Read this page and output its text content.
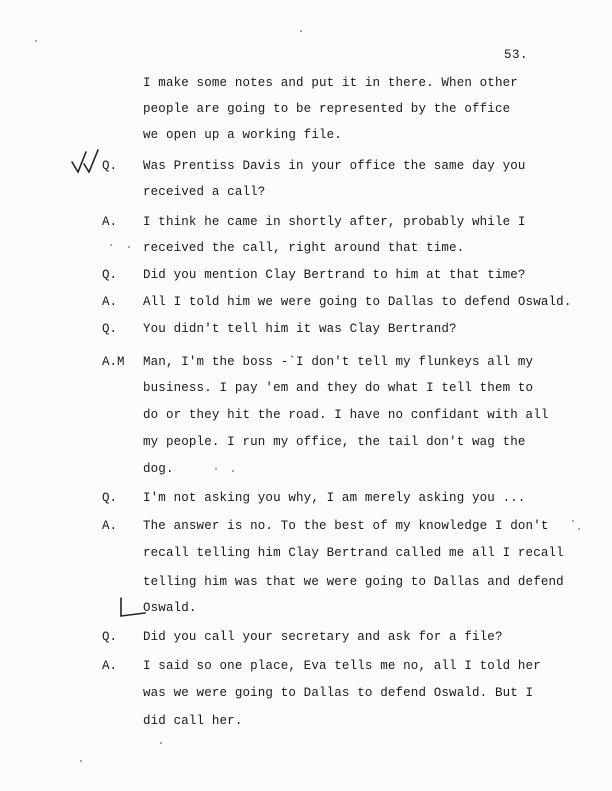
53.
I make some notes and put it in there. When other
people are going to be represented by the office
we open up a working file.
Q. Was Prentiss Davis in your office the same day you
received a call?
A. I think he came in shortly after, probably while I
received the call, right around that time.
Q. Did you mention Clay Bertrand to him at that time?
A. All I told him we were going to Dallas to defend Oswald.
Q. You didn't tell him it was Clay Bertrand?
A.M Man, I'm the boss -`I don't tell my flunkeys all my
business. I pay 'em and they do what I tell them to
do or they hit the road. I have no confidant with all
my people. I run my office, the tail don't wag the
dog.
Q. I'm not asking you why, I am merely asking you ...
A. The answer is no. To the best of my knowledge I don't
recall telling him Clay Bertrand called me all I recall
telling him was that we were going to Dallas and defend
Oswald.
Q. Did you call your secretary and ask for a file?
A. I said so one place, Eva tells me no, all I told her
was we were going to Dallas to defend Oswald. But I
did call her.
